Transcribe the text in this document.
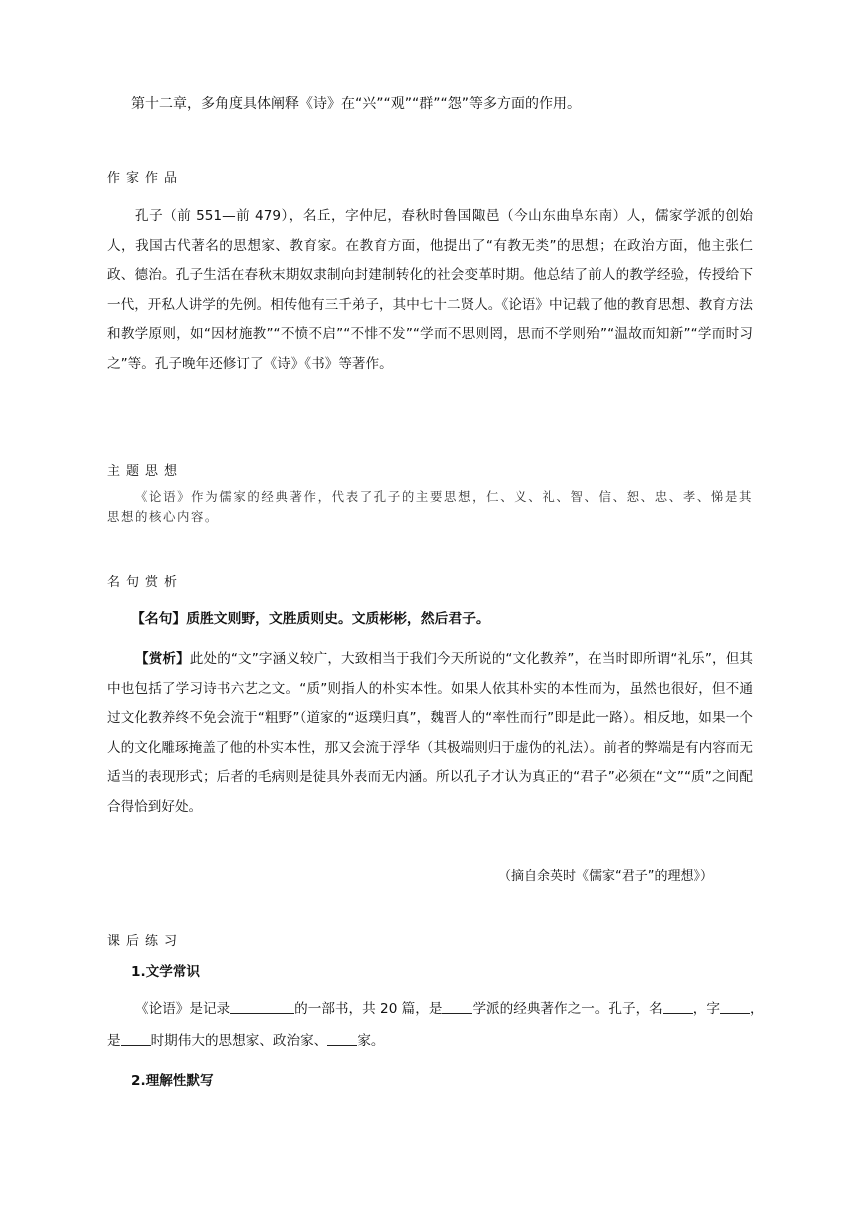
第十二章，多角度具体阐释《诗》在“兴”“观”“群”“怨”等多方面的作用。
作家作品

孔子（前 551—前 479），名丘，字仲尼，春秋时鲁国陬邑（今山东曲阜东南）人，儒家学派的创始人，我国古代著名的思想家、教育家。在教育方面，他提出了“有教无类”的思想；在政治方面，他主张仁政、德治。孔子生活在春秋末期奴隶制向封建制转化的社会变革时期。他总结了前人的教学经验，传授给下一代，开私人讲学的先例。相传他有三千弟子，其中七十二贤人。《论语》中记载了他的教育思想、教育方法和教学原则，如“因材施教”“不愤不启”“不悱不发”“学而不思则罔，思而不学则殆”“温故而知新”“学而时习之”等。孔子晚年还修订了《诗》《书》等著作。

主题思想

《论语》作为儒家的经典著作，代表了孔子的主要思想，仁、义、礼、智、信、恕、忠、孝、悌是其思想的核心内容。

名句赏析
【名句】质胜文则野，文胜质则史。文质彬彬，然后君子。

【赏析】此处的“文”字涵义较广，大致相当于我们今天所说的“文化教养”，在当时即所谓“礼乐”，但其中也包括了学习诗书六艺之文。“质”则指人的朴实本性。如果人依其朴实的本性而为，虽然也很好，但不通过文化教养终不免会流于“粗野”（道家的“返璞归真”，魏晋人的“率性而行”即是此一路）。相反地，如果一个人的文化雕琢掩盖了他的朴实本性，那又会流于浮华（其极端则归于虚伪的礼法）。前者的弊端是有内容而无适当的表现形式；后者的毛病则是徒具外表而无内涵。所以孔子才认为真正的“君子”必须在“文”“质”之间配合得恰到好处。

（摘自余英时《儒家“君子”的理想》）
课后练习
1.文学常识

《论语》是记录	的一部书，共 20 篇，是 学派的经典著作之一。孔子，名 ，字 ，

是 时期伟大的思想家、政治家、 家。

2.理解性默写
